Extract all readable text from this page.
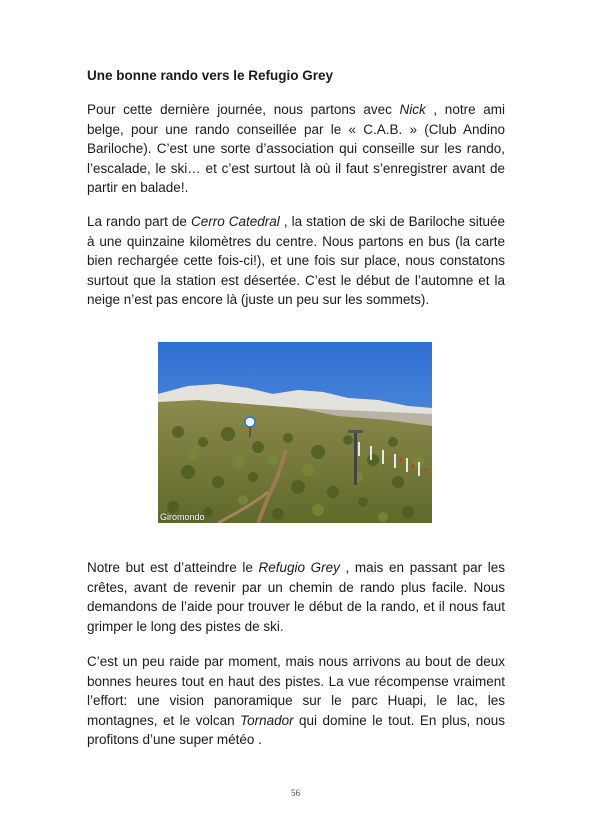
Une bonne rando vers le Refugio Grey

Pour cette dernière journée, nous partons avec Nick , notre ami belge, pour une rando conseillée par le « C.A.B. » (Club Andino Bariloche). C’est une sorte d’association qui conseille sur les rando, l’escalade, le ski… et c’est surtout là où il faut s’enregistrer avant de partir en balade!.

La rando part de Cerro Catedral , la station de ski de Bariloche située à une quinzaine kilomètres du centre. Nous partons en bus (la carte bien rechargée cette fois-ci!), et une fois sur place, nous constatons surtout que la station est désertée. C’est le début de l’automne et la neige n’est pas encore là (juste un peu sur les sommets).

Giromondo

Notre but est d’atteindre le Refugio Grey , mais en passant par les crêtes, avant de revenir par un chemin de rando plus facile. Nous demandons de l’aide pour trouver le début de la rando, et il nous faut grimper le long des pistes de ski.

C’est un peu raide par moment, mais nous arrivons au bout de deux bonnes heures tout en haut des pistes. La vue récompense vraiment l’effort: une vision panoramique sur le parc Huapi, le lac, les montagnes, et le volcan Tornador qui domine le tout. En plus, nous profitons d’une super météo .

56
